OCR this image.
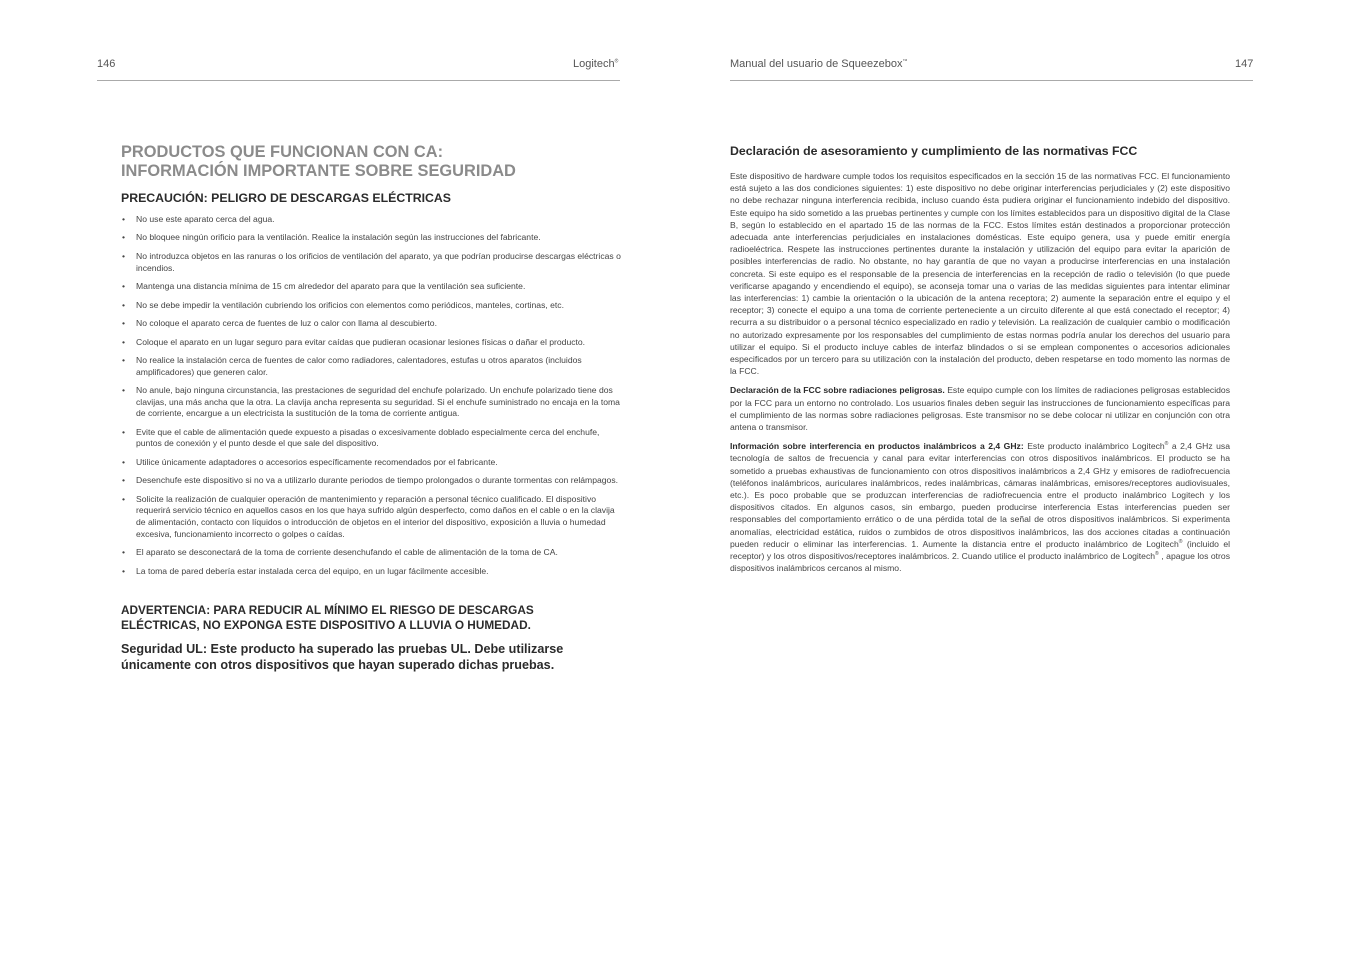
146	Logitech®
PRODUCTOS QUE FUNCIONAN CON CA:
INFORMACIÓN IMPORTANTE SOBRE SEGURIDAD
PRECAUCIÓN: PELIGRO DE DESCARGAS ELÉCTRICAS
• No use este aparato cerca del agua.
• No bloquee ningún orificio para la ventilación. Realice la instalación según las instrucciones del fabricante.
• No introduzca objetos en las ranuras o los orificios de ventilación del aparato, ya que podrían producirse descargas eléctricas o incendios.
• Mantenga una distancia mínima de 15 cm alrededor del aparato para que la ventilación sea suficiente.
• No se debe impedir la ventilación cubriendo los orificios con elementos como periódicos, manteles, cortinas, etc.
• No coloque el aparato cerca de fuentes de luz o calor con llama al descubierto.
• Coloque el aparato en un lugar seguro para evitar caídas que pudieran ocasionar lesiones físicas o dañar el producto.
• No realice la instalación cerca de fuentes de calor como radiadores, calentadores, estufas u otros aparatos (incluidos amplificadores) que generen calor.
• No anule, bajo ninguna circunstancia, las prestaciones de seguridad del enchufe polarizado. Un enchufe polarizado tiene dos clavijas, una más ancha que la otra. La clavija ancha representa su seguridad. Si el enchufe suministrado no encaja en la toma de corriente, encargue a un electricista la sustitución de la toma de corriente antigua.
• Evite que el cable de alimentación quede expuesto a pisadas o excesivamente doblado especialmente cerca del enchufe, puntos de conexión y el punto desde el que sale del dispositivo.
• Utilice únicamente adaptadores o accesorios específicamente recomendados por el fabricante.
• Desenchufe este dispositivo si no va a utilizarlo durante periodos de tiempo prolongados o durante tormentas con relámpagos.
• Solicite la realización de cualquier operación de mantenimiento y reparación a personal técnico cualificado. El dispositivo requerirá servicio técnico en aquellos casos en los que haya sufrido algún desperfecto, como daños en el cable o en la clavija de alimentación, contacto con líquidos o introducción de objetos en el interior del dispositivo, exposición a lluvia o humedad excesiva, funcionamiento incorrecto o golpes o caídas.
• El aparato se desconectará de la toma de corriente desenchufando el cable de alimentación de la toma de CA.
• La toma de pared debería estar instalada cerca del equipo, en un lugar fácilmente accesible.
ADVERTENCIA: PARA REDUCIR AL MÍNIMO EL RIESGO DE DESCARGAS
ELÉCTRICAS, NO EXPONGA ESTE DISPOSITIVO A LLUVIA O HUMEDAD.
Seguridad UL: Este producto ha superado las pruebas UL. Debe utilizarse
únicamente con otros dispositivos que hayan superado dichas pruebas.
Manual del usuario de Squeezebox™	147
Declaración de asesoramiento y cumplimiento de las normativas FCC

Este dispositivo de hardware cumple todos los requisitos especificados en la sección 15 de las normativas FCC. El funcionamiento está sujeto a las dos condiciones siguientes: 1) este dispositivo no debe originar interferencias perjudiciales y (2) este dispositivo no debe rechazar ninguna interferencia recibida, incluso cuando ésta pudiera originar el funcionamiento indebido del dispositivo. Este equipo ha sido sometido a las pruebas pertinentes y cumple con los límites establecidos para un dispositivo digital de la Clase B, según lo establecido en el apartado 15 de las normas de la FCC. Estos límites están destinados a proporcionar protección adecuada ante interferencias perjudiciales en instalaciones domésticas. Este equipo genera, usa y puede emitir energía radioeléctrica. Respete las instrucciones pertinentes durante la instalación y utilización del equipo para evitar la aparición de posibles interferencias de radio. No obstante, no hay garantía de que no vayan a producirse interferencias en una instalación concreta. Si este equipo es el responsable de la presencia de interferencias en la recepción de radio o televisión (lo que puede verificarse apagando y encendiendo el equipo), se aconseja tomar una o varias de las medidas siguientes para intentar eliminar las interferencias: 1) cambie la orientación o la ubicación de la antena receptora; 2) aumente la separación entre el equipo y el receptor; 3) conecte el equipo a una toma de corriente perteneciente a un circuito diferente al que está conectado el receptor; 4) recurra a su distribuidor o a personal técnico especializado en radio y televisión. La realización de cualquier cambio o modificación no autorizado expresamente por los responsables del cumplimiento de estas normas podría anular los derechos del usuario para utilizar el equipo. Si el producto incluye cables de interfaz blindados o si se emplean componentes o accesorios adicionales especificados por un tercero para su utilización con la instalación del producto, deben respetarse en todo momento las normas de la FCC.

Declaración de la FCC sobre radiaciones peligrosas. Este equipo cumple con los límites de radiaciones peligrosas establecidos por la FCC para un entorno no controlado. Los usuarios finales deben seguir las instrucciones de funcionamiento específicas para el cumplimiento de las normas sobre radiaciones peligrosas. Este transmisor no se debe colocar ni utilizar en conjunción con otra antena o transmisor.

Información sobre interferencia en productos inalámbricos a 2,4 GHz: Este producto inalámbrico Logitech® a 2,4 GHz usa tecnología de saltos de frecuencia y canal para evitar interferencias con otros dispositivos inalámbricos. El producto se ha sometido a pruebas exhaustivas de funcionamiento con otros dispositivos inalámbricos a 2,4 GHz y emisores de radiofrecuencia (teléfonos inalámbricos, auriculares inalámbricos, redes inalámbricas, cámaras inalámbricas, emisores/receptores audiovisuales, etc.). Es poco probable que se produzcan interferencias de radiofrecuencia entre el producto inalámbrico Logitech y los dispositivos citados. En algunos casos, sin embargo, pueden producirse interferencia Estas interferencias pueden ser responsables del comportamiento errático o de una pérdida total de la señal de otros dispositivos inalámbricos. Si experimenta anomalías, electricidad estática, ruidos o zumbidos de otros dispositivos inalámbricos, las dos acciones citadas a continuación pueden reducir o eliminar las interferencias. 1. Aumente la distancia entre el producto inalámbrico de Logitech® (incluido el receptor) y los otros dispositivos/receptores inalámbricos. 2. Cuando utilice el producto inalámbrico de Logitech® , apague los otros dispositivos inalámbricos cercanos al mismo.
